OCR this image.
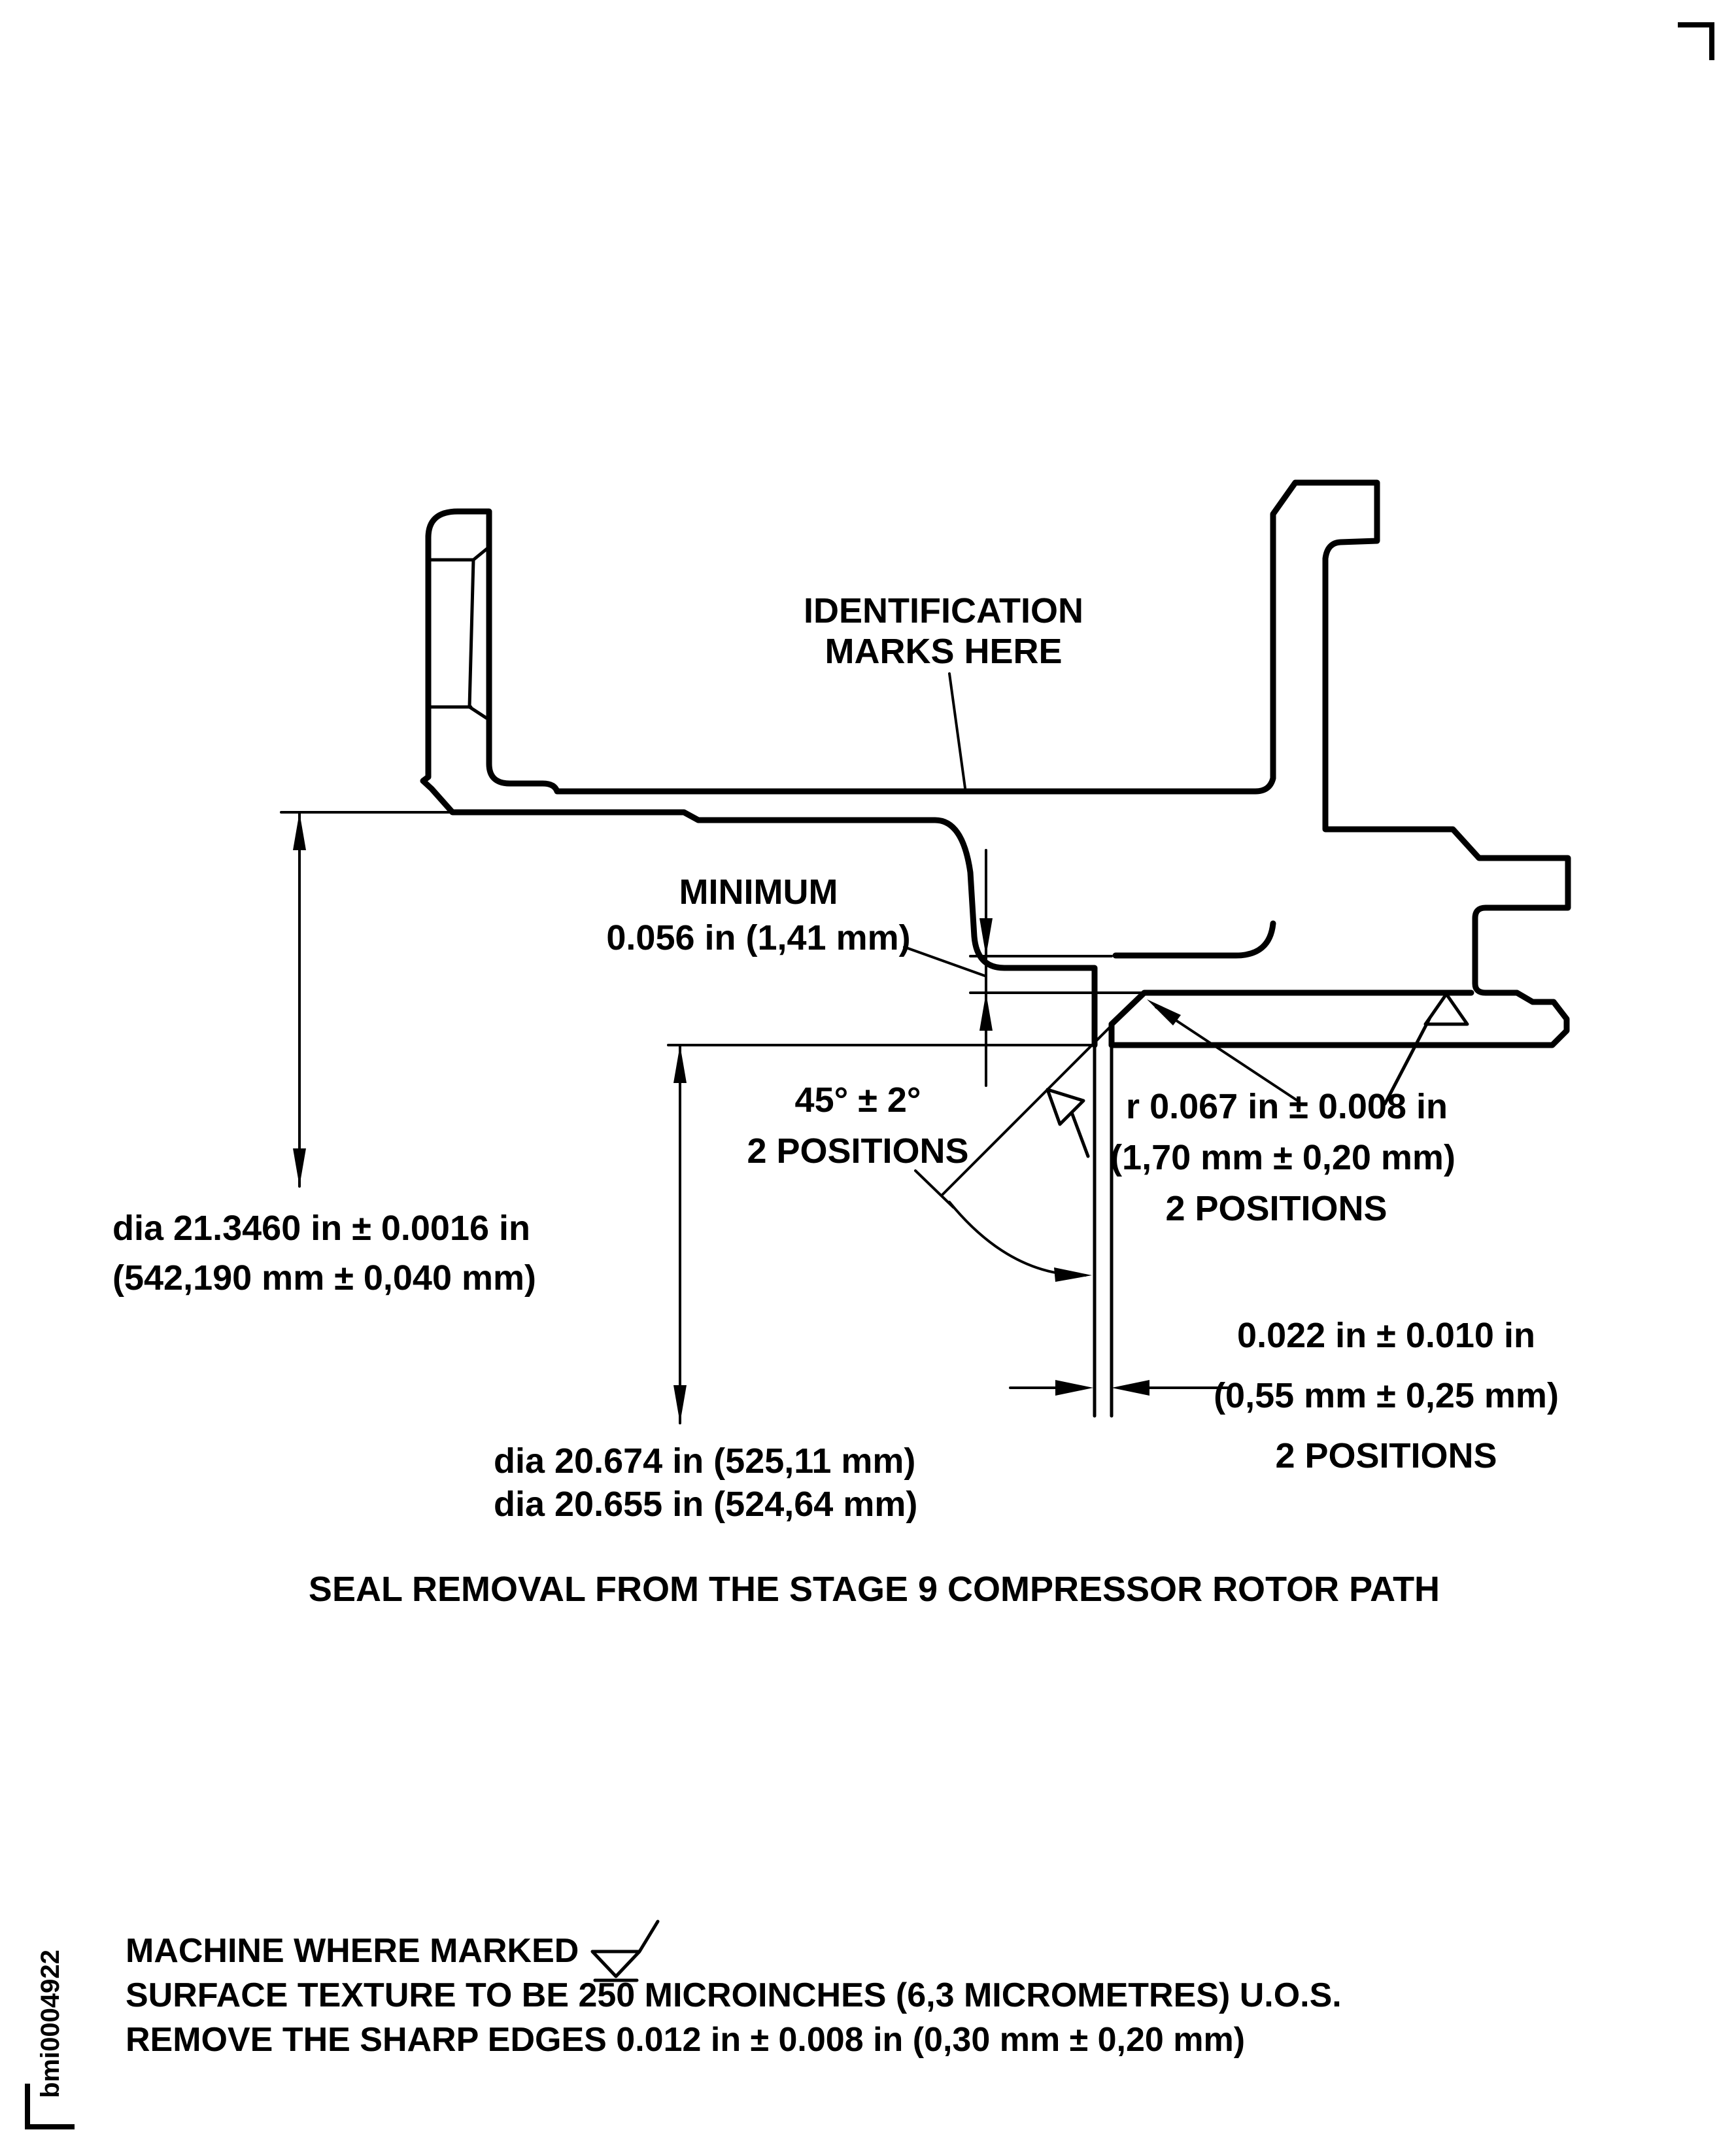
IDENTIFICATION
MARKS HERE
MINIMUM
0.056 in (1,41 mm)
45° ± 2°
2 POSITIONS
r 0.067 in ± 0.008 in
(1,70 mm ± 0,20 mm)
2 POSITIONS
dia 21.3460 in ± 0.0016 in
(542,190 mm ± 0,040 mm)
0.022 in ± 0.010 in
(0,55 mm ± 0,25 mm)
2 POSITIONS
dia 20.674 in (525,11 mm)
dia 20.655 in (524,64 mm)
SEAL REMOVAL FROM THE STAGE 9 COMPRESSOR ROTOR PATH
MACHINE WHERE MARKED
SURFACE TEXTURE TO BE 250 MICROINCHES (6,3 MICROMETRES) U.O.S.
REMOVE THE SHARP EDGES 0.012 in ± 0.008 in (0,30 mm ± 0,20 mm)
bmi0004922
